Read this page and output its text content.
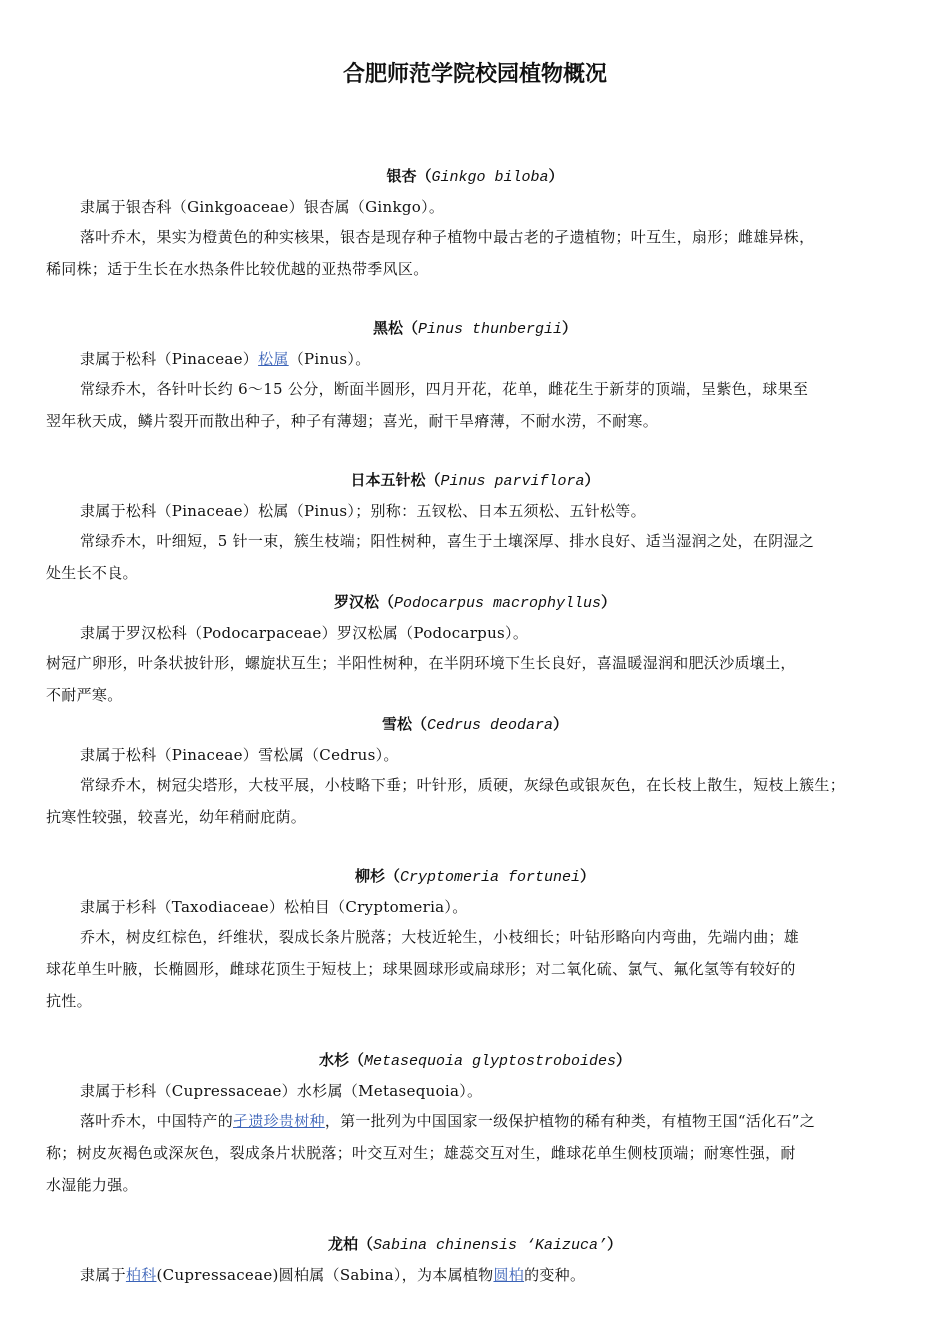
合肥师范学院校园植物概况
银杏（Ginkgo biloba）
隶属于银杏科（Ginkgoaceae）银杏属（Ginkgo）。
落叶乔木，果实为橙黄色的种实核果，银杏是现存种子植物中最古老的孑遗植物；叶互生，扇形；雌雄异株，
稀同株；适于生长在水热条件比较优越的亚热带季风区。
黑松（Pinus thunbergii）
隶属于松科（Pinaceae）松属（Pinus）。
常绿乔木，各针叶长约 6～15 公分，断面半圆形，四月开花，花单，雌花生于新芽的顶端，呈紫色，球果至
翌年秋天成，鳞片裂开而散出种子，种子有薄翅；喜光，耐干旱瘠薄，不耐水涝，不耐寒。
日本五针松（Pinus parviflora）
隶属于松科（Pinaceae）松属（Pinus）；别称：五钗松、日本五须松、五针松等。
常绿乔木，叶细短，5 针一束，簇生枝端；阳性树种，喜生于土壤深厚、排水良好、适当湿润之处，在阴湿之
处生长不良。
罗汉松（Podocarpus macrophyllus）
隶属于罗汉松科（Podocarpaceae）罗汉松属（Podocarpus）。
树冠广卵形，叶条状披针形，螺旋状互生；半阳性树种，在半阴环境下生长良好，喜温暖湿润和肥沃沙质壤土，
不耐严寒。
雪松（Cedrus deodara）
隶属于松科（Pinaceae）雪松属（Cedrus）。
常绿乔木，树冠尖塔形，大枝平展，小枝略下垂；叶针形，质硬，灰绿色或银灰色，在长枝上散生，短枝上簇生；
抗寒性较强，较喜光，幼年稍耐庇荫。
柳杉（Cryptomeria fortunei）
隶属于杉科（Taxodiaceae）松柏目（Cryptomeria）。
乔木，树皮红棕色，纤维状，裂成长条片脱落；大枝近轮生，小枝细长；叶钻形略向内弯曲，先端内曲；雄
球花单生叶腋，长椭圆形，雌球花顶生于短枝上；球果圆球形或扁球形；对二氧化硫、氯气、氟化氢等有较好的
抗性。
水杉（Metasequoia glyptostroboides）
隶属于杉科（Cupressaceae）水杉属（Metasequoia）。
落叶乔木，中国特产的孑遗珍贵树种，第一批列为中国国家一级保护植物的稀有种类，有植物王国“活化石”之
称；树皮灰褐色或深灰色，裂成条片状脱落；叶交互对生；雄蕊交互对生，雌球花单生侧枝顶端；耐寒性强，耐
水湿能力强。
龙柏（Sabina chinensis ‘Kaizuca’）
隶属于柏科(Cupressaceae)圆柏属（Sabina），为本属植物圆柏的变种。
